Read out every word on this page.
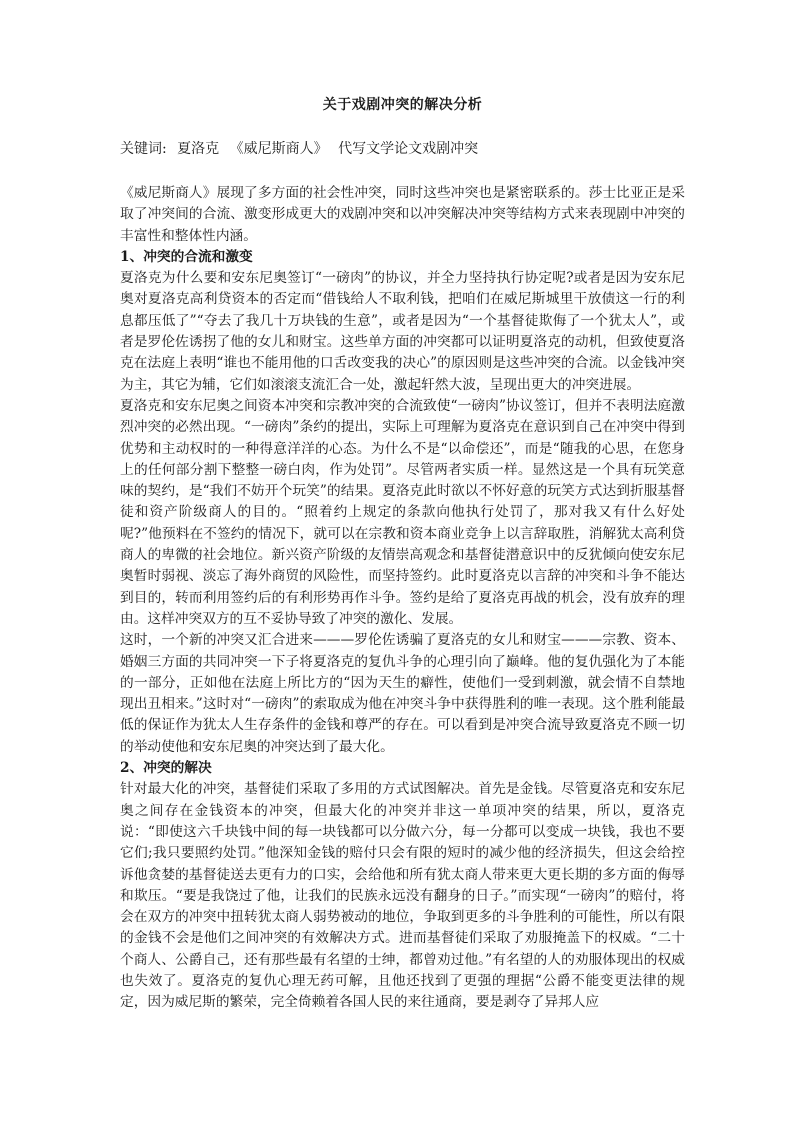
关于戏剧冲突的解决分析
关键词: 夏洛克 《威尼斯商人》 代写文学论文戏剧冲突

《威尼斯商人》展现了多方面的社会性冲突，同时这些冲突也是紧密联系的。莎士比亚正是采取了冲突间的合流、激变形成更大的戏剧冲突和以冲突解决冲突等结构方式来表现剧中冲突的丰富性和整体性内涵。

1、冲突的合流和激变

夏洛克为什么要和安东尼奥签订“一磅肉”的协议，并全力坚持执行协定呢?或者是因为安东尼奥对夏洛克高利贷资本的否定而“借钱给人不取利钱，把咱们在威尼斯城里干放债这一行的利息都压低了”“夺去了我几十万块钱的生意”，或者是因为“一个基督徒欺侮了一个犹太人”，或者是罗伦佐诱拐了他的女儿和财宝。这些单方面的冲突都可以证明夏洛克的动机，但致使夏洛克在法庭上表明“谁也不能用他的口舌改变我的决心”的原因则是这些冲突的合流。以金钱冲突为主，其它为辅，它们如滚滚支流汇合一处，激起轩然大波，呈现出更大的冲突进展。

夏洛克和安东尼奥之间资本冲突和宗教冲突的合流致使“一磅肉”协议签订，但并不表明法庭激烈冲突的必然出现。“一磅肉”条约的提出，实际上可理解为夏洛克在意识到自己在冲突中得到优势和主动权时的一种得意洋洋的心态。为什么不是“以命偿还”，而是“随我的心思，在您身上的任何部分割下整整一磅白肉，作为处罚”。尽管两者实质一样。显然这是一个具有玩笑意味的契约，是“我们不妨开个玩笑”的结果。夏洛克此时欲以不怀好意的玩笑方式达到折服基督徒和资产阶级商人的目的。“照着约上规定的条款向他执行处罚了，那对我又有什么好处呢?”他预料在不签约的情况下，就可以在宗教和资本商业竞争上以言辞取胜，消解犹太高利贷商人的卑微的社会地位。新兴资产阶级的友情崇高观念和基督徒潜意识中的反犹倾向使安东尼奥暂时弱视、淡忘了海外商贸的风险性，而坚持签约。此时夏洛克以言辞的冲突和斗争不能达到目的，转而利用签约后的有利形势再作斗争。签约是给了夏洛克再战的机会，没有放弃的理由。这样冲突双方的互不妥协导致了冲突的激化、发展。

这时，一个新的冲突又汇合进来———罗伦佐诱骗了夏洛克的女儿和财宝———宗教、资本、婚姻三方面的共同冲突一下子将夏洛克的复仇斗争的心理引向了巅峰。他的复仇强化为了本能的一部分，正如他在法庭上所比方的“因为天生的癖性，使他们一受到刺激，就会情不自禁地现出丑相来。”这时对“一磅肉”的索取成为他在冲突斗争中获得胜利的唯一表现。这个胜利能最低的保证作为犹太人生存条件的金钱和尊严的存在。可以看到是冲突合流导致夏洛克不顾一切的举动使他和安东尼奥的冲突达到了最大化。

2、冲突的解决

针对最大化的冲突，基督徒们采取了多用的方式试图解决。首先是金钱。尽管夏洛克和安东尼奥之间存在金钱资本的冲突，但最大化的冲突并非这一单项冲突的结果，所以，夏洛克说：“即使这六千块钱中间的每一块钱都可以分做六分，每一分都可以变成一块钱，我也不要它们;我只要照约处罚。”他深知金钱的赔付只会有限的短时的减少他的经济损失，但这会给控诉他贪婪的基督徒送去更有力的口实，会给他和所有犹太商人带来更大更长期的多方面的侮辱和欺压。“要是我饶过了他，让我们的民族永远没有翻身的日子。”而实现“一磅肉”的赔付，将会在双方的冲突中扭转犹太商人弱势被动的地位，争取到更多的斗争胜利的可能性，所以有限的金钱不会是他们之间冲突的有效解决方式。进而基督徒们采取了劝服掩盖下的权威。“二十个商人、公爵自己，还有那些最有名望的士绅，都曾劝过他。”有名望的人的劝服体现出的权威也失效了。夏洛克的复仇心理无药可解，且他还找到了更强的理据“公爵不能变更法律的规定，因为威尼斯的繁荣，完全倚赖着各国人民的来往通商，要是剥夺了异邦人应
